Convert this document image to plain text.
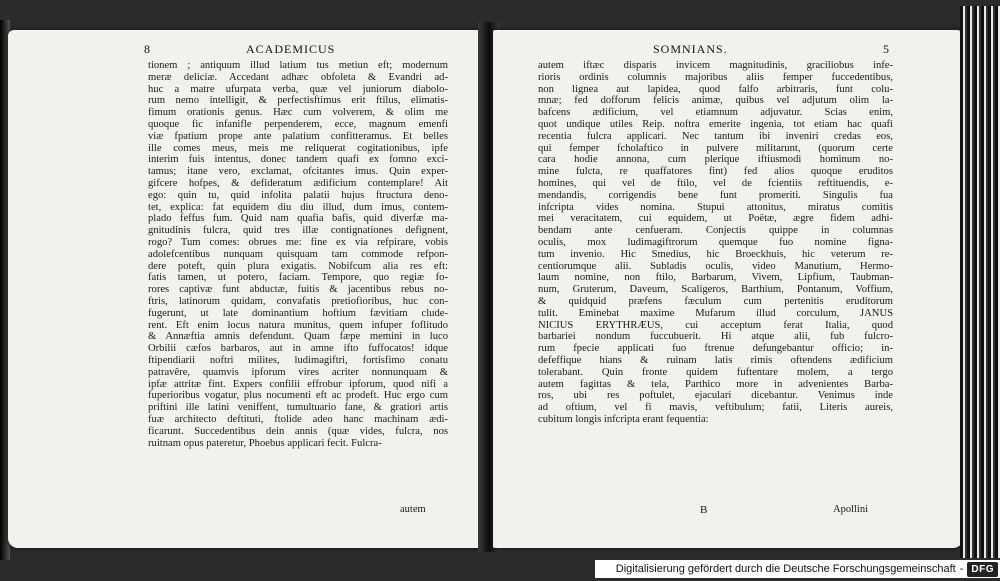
8	ACADEMICUS
tionem ; antiquum illud latium tus metiun eft; modernum
meræ deliciæ. Accedant adhæc obfoleta & Evandri ad-
huc a matre ufurpata verba, quæ vel juniorum diabolo-
rum nemo intelligit, & perfectisftimus erit ftilus, elimatis-
fimum orationis genus. Hæc cum volverem, & olim me
quoque fic infanifle perpenderem, ecce, magnum emenfi
viæ fpatium prope ante palatium confitteramus. Et belles
ille comes meus, meis me reliquerat cogitationibus, ipfe
interim fuis intentus, donec tandem quafi ex fomno exci-
tamus; itane vero, exclamat, ofcitantes imus. Quin exper-
gifcere hofpes, & defideratum ædificium contemplare! Ait
ego: quin tu, quid infolita palatii hujus ftructura deno-
tet, explica: fat equidem diu diu illud, dum imus, contem-
plado feffus fum. Quid nam quafia bafis, quid diverfæ ma-
gnitudinis fulcra, quid tres illæ contignationes defignent,
rogo? Tum comes: obrues me: fine ex via refpirare, vobis
adolefcentibus nunquam quisquam tam commode refpon-
dere poteft, quin plura exigatis. Nobifcum alia res eft:
fatis tamen, ut potero, faciam. Tempore, quo regiæ fo-
rores captivæ funt abductæ, fuitis & jacentibus rebus no-
ftris, latinorum quidam, convafatis pretiofioribus, huc con-
fugerunt, ut late dominantium hoftium fævitiam clude-
rent. Eft enim locus natura munitus, quem infuper foflitudo
& Annæftia amnis defendunt. Quam fæpe memini in luco
Orbilii cæfos barbaros, aut in amne ifto fuffocatos! idque
ftipendiarii noftri milites, ludimagiftri, fortisfimo conatu
patravêre, quamvis ipforum vires acriter nonnunquam &
ipfæ attritæ fint. Expers confilii effrobur ipforum, quod nifi a
fuperioribus vogatur, plus nocumenti eft ac prodeft. Huc ergo cum
priftini ille latini veniffent, tumultuario fane, & gratiori artis
fuæ architecto deftituti, ftolide adeo hanc machinam ædi-
ficarunt. Succedentibus dein annis (quæ vides, fulcra, nos
ruitnam opus pateretur, Phoebus applicari fecit. Fulcra-
autem
SOMNIANS.	5
autem iftæc disparis invicem magnitudinis, graciliobus infe-
rioris ordinis columnis majoribus aliis femper fuccedentibus,
non lignea aut lapidea, quod falfo arbitraris, funt colu-
mnæ; fed dofforum felicis animæ, quibus vel adjutum olim la-
bafcens ædificium, vel etiamnum adjuvatur. Scias enim,
quot undique utiles Reip. noftra emerite ingenia, tot etiam hac quafi
recentia fulcra applicari. Nec tantum ibi inveniri credas eos,
qui femper fcholaftico in pulvere militarunt, (quorum certe
cara hodie annona, cum plerique iftiusmodi hominum no-
mine fulcta, re quaffatores fint) fed alios quoque eruditos
homines, qui vel de ftilo, vel de fcientiis reftituendis, e-
mendandis, corrigendis bene funt promeriti. Singulis fua
infcripta vides nomina. Stupui attonitus, miratus comitis
mei veracitatem, cui equidem, ut Poëtæ, ægre fidem adhi-
bendam ante cenfueram. Conjectis quippe in columnas
oculis, mox ludimagiftrorum quemque fuo nomine figna-
tum invenio. Hic Smedius, hic Broeckhuis, hic veterum re-
centiorumque alii. Subladis oculis, video Manutium, Hermo-
laum nomine, non ftilo, Barbarum, Vivem, Lipfium, Taubman-
num, Gruterum, Daveum, Scaligeros, Barthium, Pontanum, Voffium,
& quidquid præfens fæculum cum pertenitis eruditorum
tulit. Eminebat maxime Mufarum illud corculum, JANUS
NICIUS ERYTHRÆUS, cui acceptum ferat Italia, quod
barbariei nondum fuccubuerit. Hi atque alii, fub fulcro-
rum fpecie applicati fuo ftrenue defungebantur officio; in-
defeffique hians & ruinam latis rimis oftendens ædificium
tolerabant. Quin fronte quidem fuftentare molem, a tergo
autem fagittas & tela, Parthico more in advenientes Barba-
ros, ubi res poftulet, ejaculari dicebantur. Venimus inde
ad oftium, vel fi mavis, veftibulum; fatii, Literis aureis,
cubitum longis infcripta erant fequentia:
B	Apollini
Digitalisierung gefördert durch die Deutsche Forschungsgemeinschaft - DFG
